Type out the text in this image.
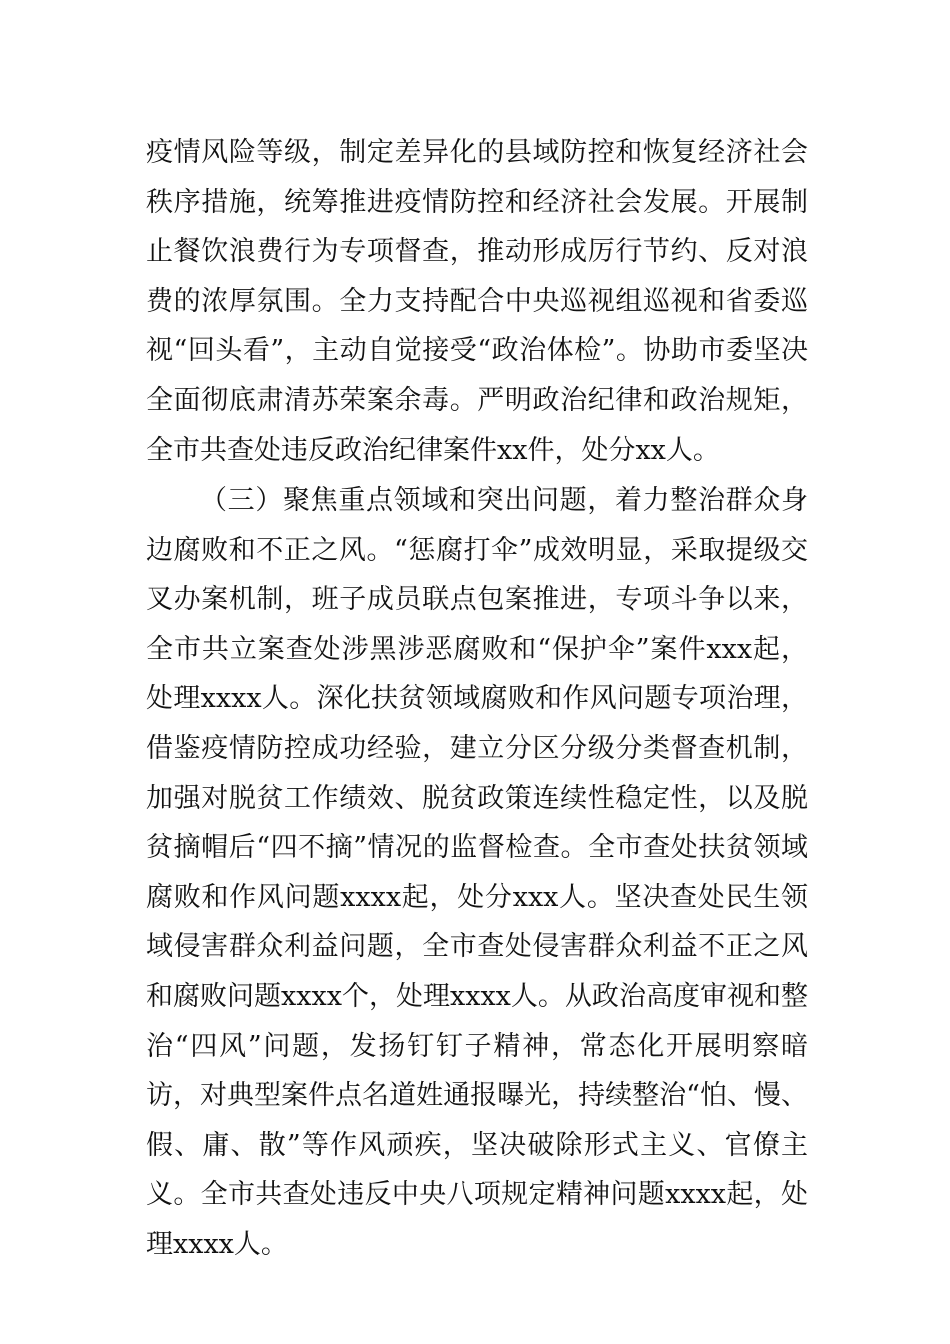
疫情风险等级，制定差异化的县域防控和恢复经济社会秩序措施，统筹推进疫情防控和经济社会发展。开展制止餐饮浪费行为专项督查，推动形成厉行节约、反对浪费的浓厚氛围。全力支持配合中央巡视组巡视和省委巡视“回头看”，主动自觉接受“政治体检”。协助市委坚决全面彻底肃清苏荣案余毒。严明政治纪律和政治规矩，全市共查处违反政治纪律案件xx件，处分xx人。

（三）聚焦重点领域和突出问题，着力整治群众身边腐败和不正之风。“惩腐打伞”成效明显，采取提级交叉办案机制，班子成员联点包案推进，专项斗争以来，全市共立案查处涉黑涉恶腐败和“保护伞”案件xxx起，处理xxxx人。深化扶贫领域腐败和作风问题专项治理，借鉴疫情防控成功经验，建立分区分级分类督查机制，加强对脱贫工作绩效、脱贫政策连续性稳定性，以及脱贫摘帽后“四不摘”情况的监督检查。全市查处扶贫领域腐败和作风问题xxxx起，处分xxx人。坚决查处民生领域侵害群众利益问题，全市查处侵害群众利益不正之风和腐败问题xxxx个，处理xxxx人。从政治高度审视和整治“四风”问题，发扬钉钉子精神，常态化开展明察暗访，对典型案件点名道姓通报曝光，持续整治“怕、慢、假、庸、散”等作风顽疾，坚决破除形式主义、官僚主义。全市共查处违反中央八项规定精神问题xxxx起，处理xxxx人。
